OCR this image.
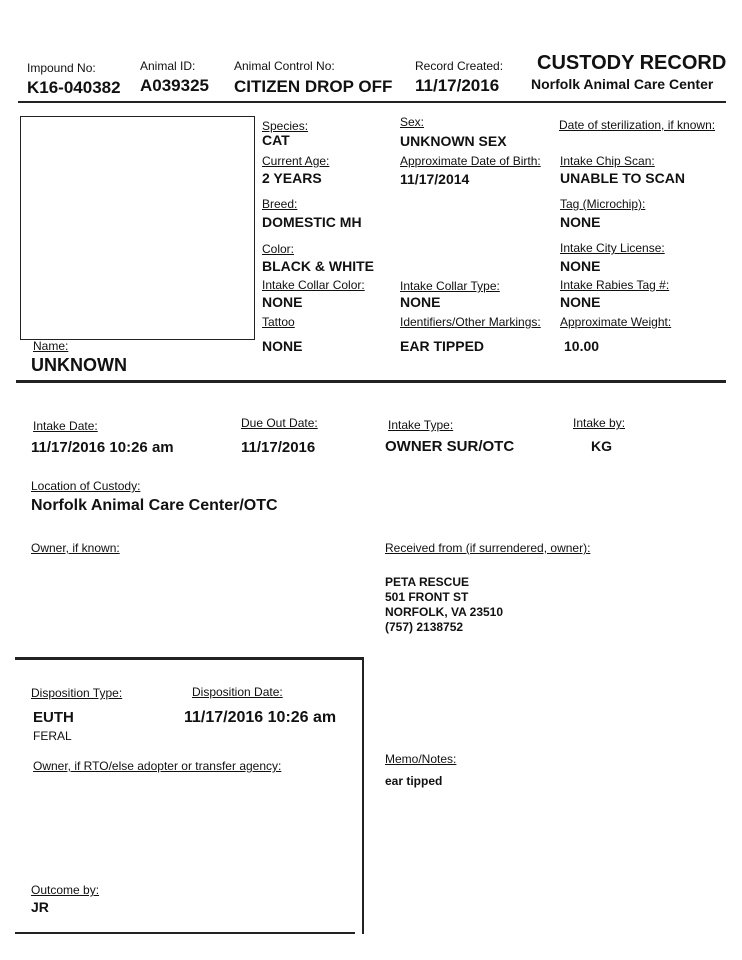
Impound No:
K16-040382
Animal ID:
A039325
Animal Control No:
CITIZEN DROP OFF
Record Created:
11/17/2016
CUSTODY RECORD
Norfolk Animal Care Center
Species:
CAT
Sex:
UNKNOWN SEX
Date of sterilization, if known:
Current Age:
2 YEARS
Approximate Date of Birth:
11/17/2014
Intake Chip Scan:
UNABLE TO SCAN
Breed:
DOMESTIC MH
Tag (Microchip):
NONE
Color:
BLACK & WHITE
Intake City License:
NONE
Intake Collar Color:
NONE
Intake Collar Type:
NONE
Intake Rabies Tag #:
NONE
Tattoo
NONE
Identifiers/Other Markings:
EAR TIPPED
Approximate Weight:
10.00
Name:
UNKNOWN
Intake Date:
11/17/2016 10:26 am
Due Out Date:
11/17/2016
Intake Type:
OWNER SUR/OTC
Intake by:
KG
Location of Custody:
Norfolk Animal Care Center/OTC
Owner, if known:	Received from (if surrendered, owner):
PETA RESCUE
501 FRONT ST
NORFOLK, VA 23510
(757) 2138752
Disposition Type:
EUTH
FERAL
Disposition Date:
11/17/2016 10:26 am
Owner, if RTO/else adopter or transfer agency:
Outcome by:
JR
Memo/Notes:
ear tipped
